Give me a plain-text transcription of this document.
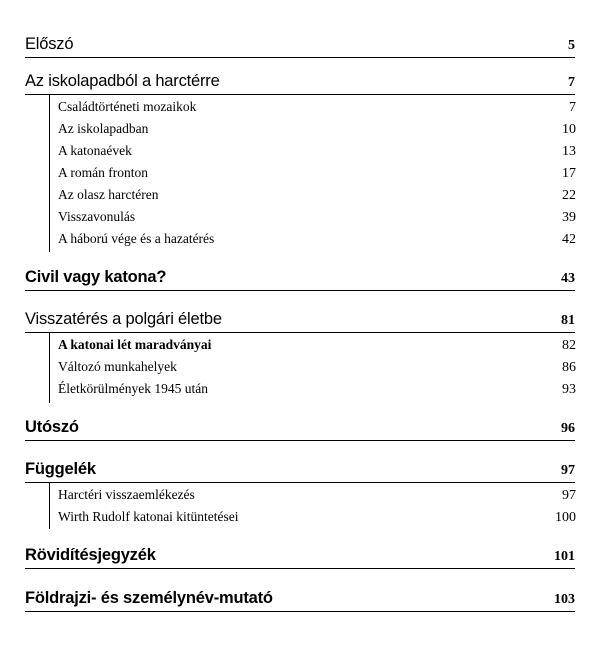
Előszó	5
Az iskolapadból a harctérre	7
Családtörténeti mozaikok	7
Az iskolapadban	10
A katonaévek	13
A román fronton	17
Az olasz harctéren	22
Visszavonulás	39
A háború vége és a hazatérés	42
Civil vagy katona?	43
Visszatérés a polgári életbe	81
A katonai lét maradványai	82
Változó munkahelyek	86
Életkörülmények 1945 után	93
Utószó	96
Függelék	97
Harctéri visszaemlékezés	97
Wirth Rudolf katonai kitüntetései	100
Rövidítésjegyzék	101
Földrajzi- és személynév-mutató	103
